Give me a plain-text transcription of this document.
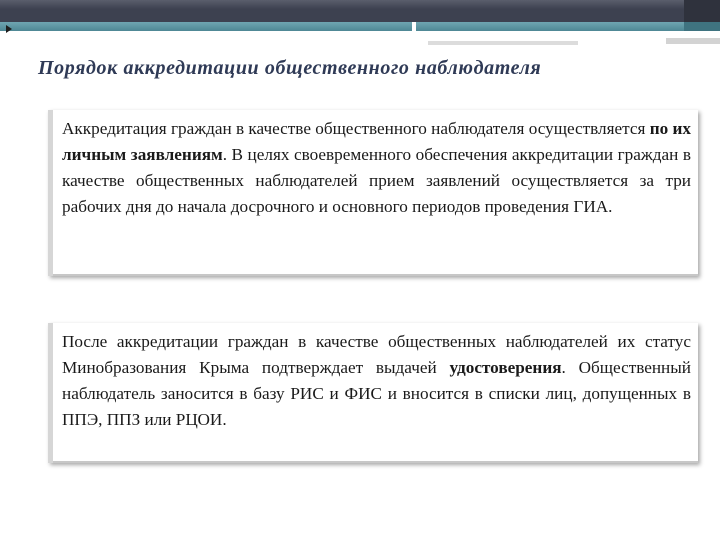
Порядок аккредитации общественного наблюдателя
Аккредитация граждан в качестве общественного наблюдателя осуществляется по их личным заявлениям. В целях своевременного обеспечения аккредитации граждан в качестве общественных наблюдателей прием заявлений осуществляется за три рабочих дня до начала досрочного и основного периодов проведения ГИА.
После аккредитации граждан в качестве общественных наблюдателей их статус Минобразования Крыма подтверждает выдачей удостоверения. Общественный наблюдатель заносится в базу РИС и ФИС и вносится в списки лиц, допущенных в ППЭ, ППЗ или РЦОИ.
